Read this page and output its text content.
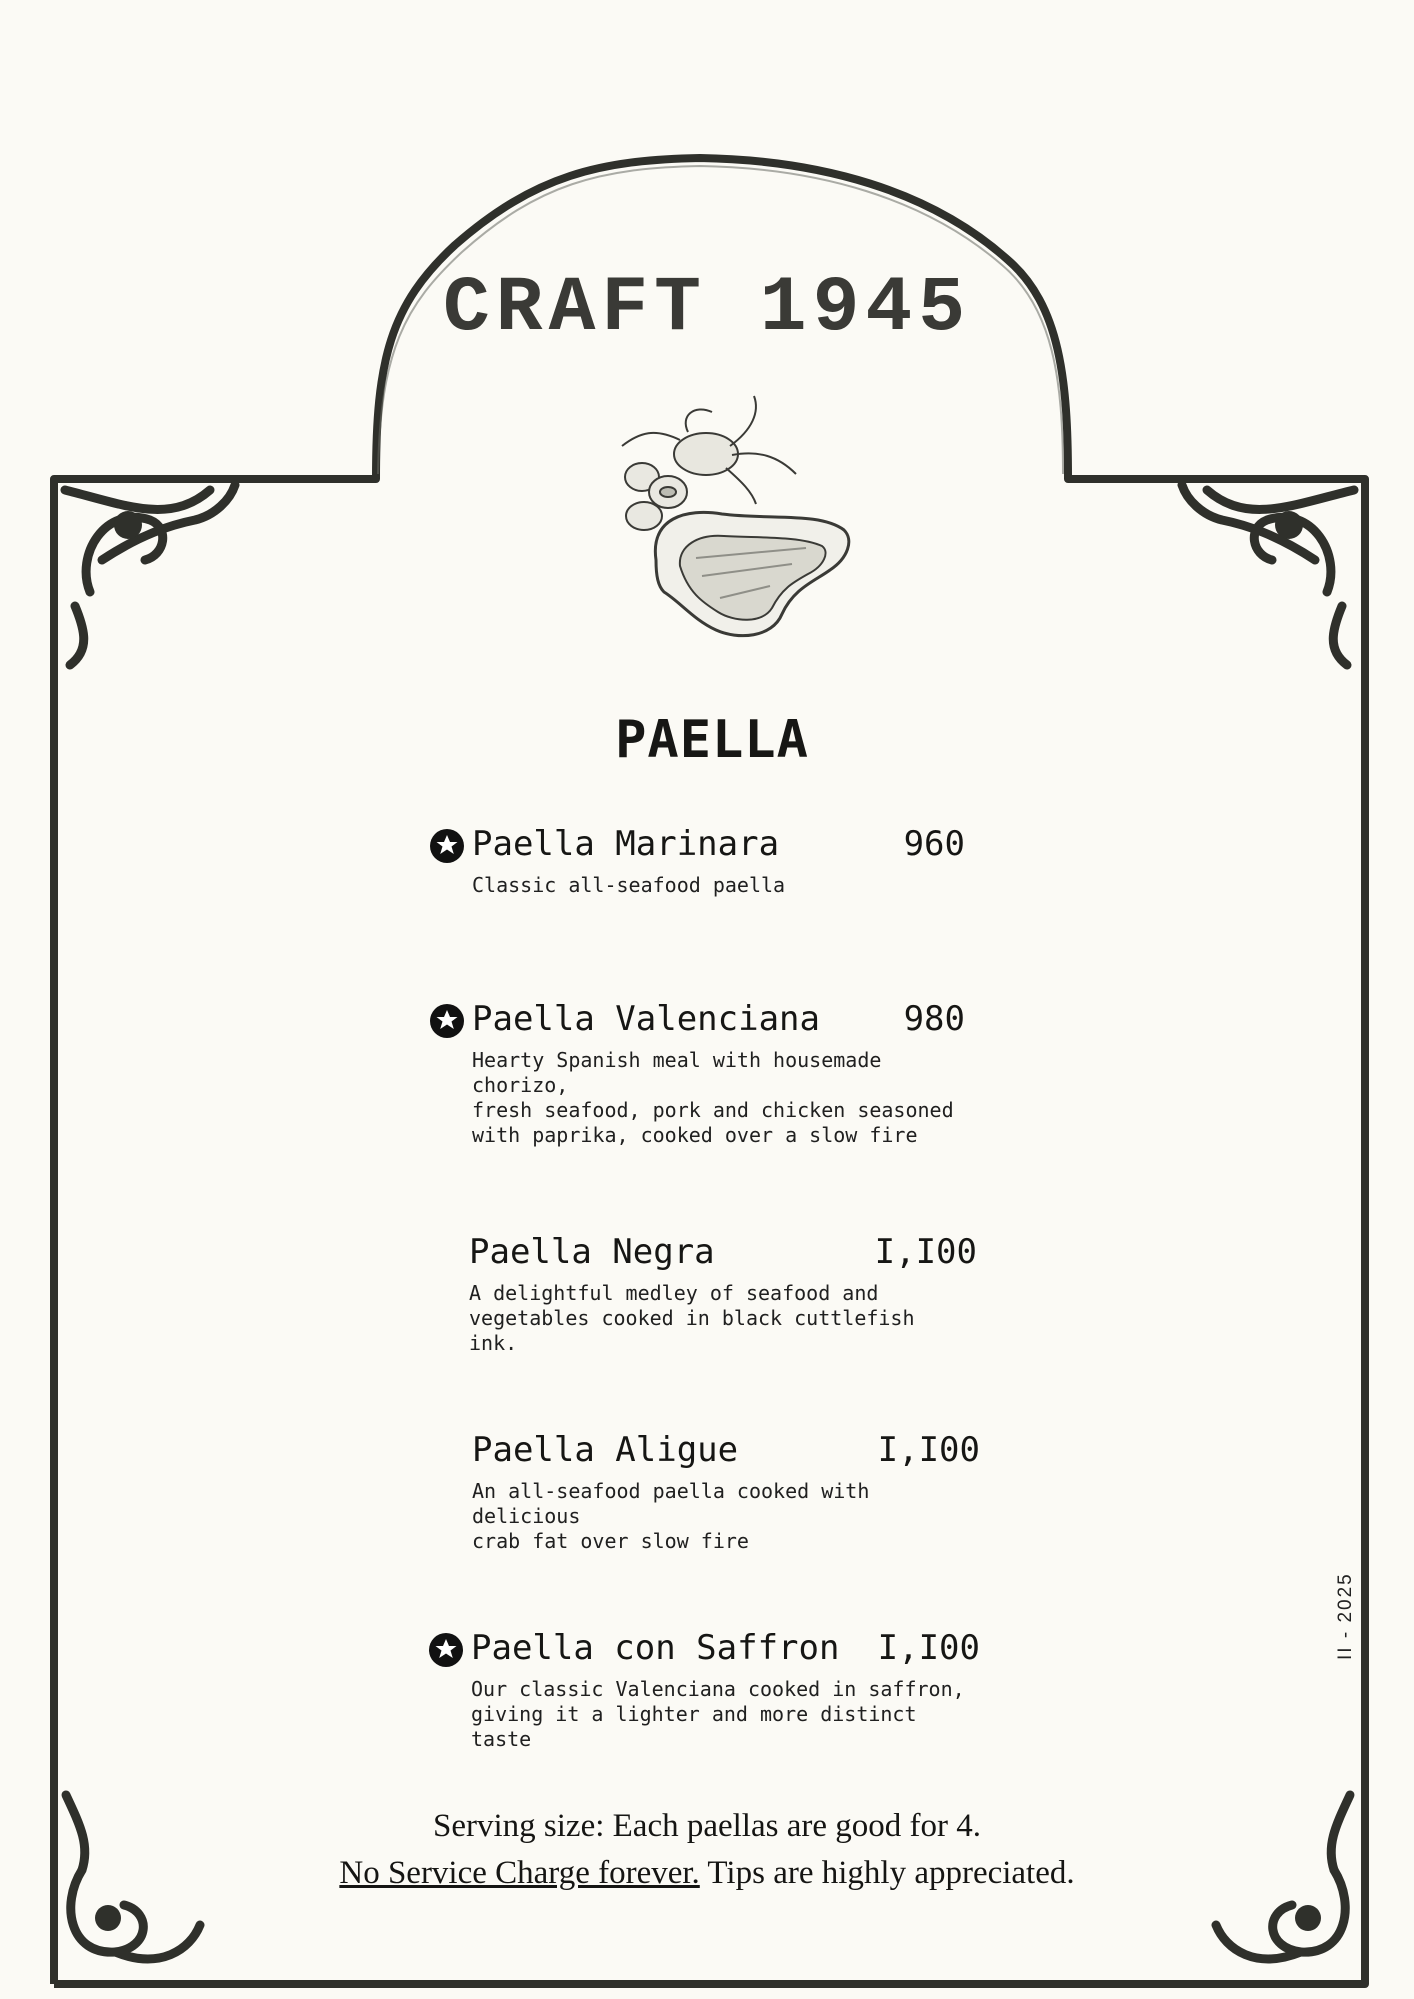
CRAFT 1945
PAELLA
Paella Marinara	960
Classic all-seafood paella
Paella Valenciana 980
Hearty Spanish meal with housemade chorizo,
fresh seafood, pork and chicken seasoned
with paprika, cooked over a slow fire
Paella Negra	I,I00
A delightful medley of seafood and
vegetables cooked in black cuttlefish ink.
Paella Aligue	I,I00
An all-seafood paella cooked with delicious
crab fat over slow fire
Paella con Saffron I,I00
Our classic Valenciana cooked in saffron,
giving it a lighter and more distinct taste
Serving size: Each paellas are good for 4.
No Service Charge forever. Tips are highly appreciated.
II - 2025
